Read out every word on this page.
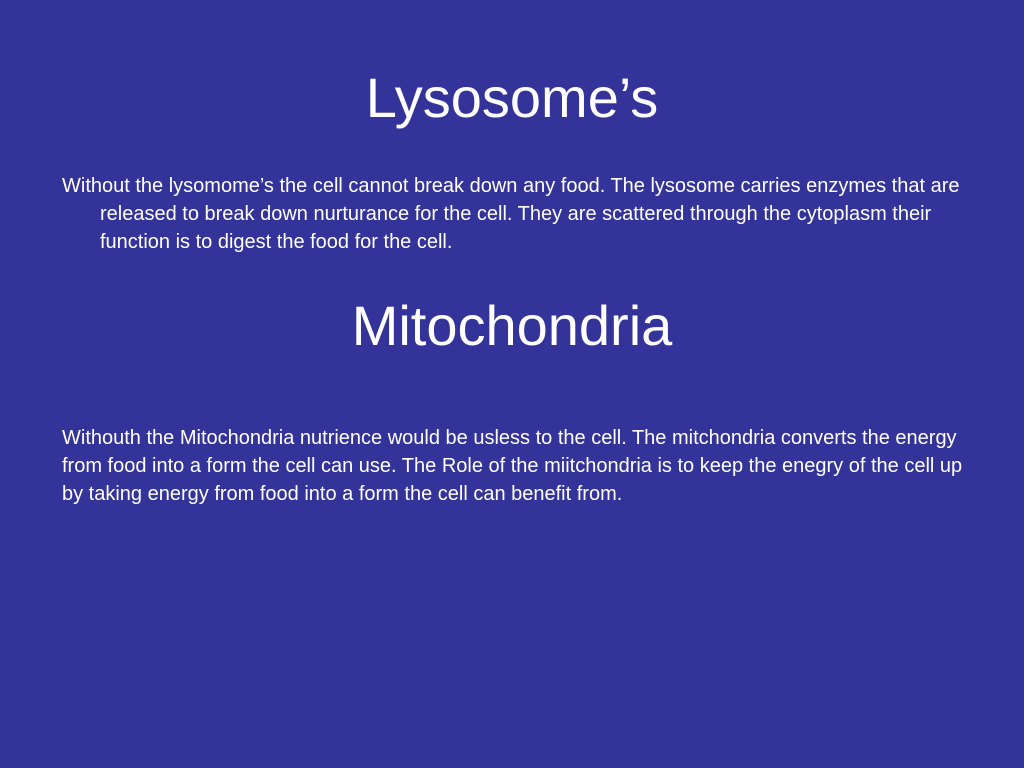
Lysosome’s

Without the lysomome’s the cell cannot break down any food. The lysosome carries enzymes that are released to break down nurturance for the cell. They are scattered through the cytoplasm their function is to digest the food for the cell.

Mitochondria

Withouth the Mitochondria nutrience would be usless to the cell. The mitchondria converts the energy from food into a form the cell can use. The Role of the miitchondria is to keep the enegry of the cell up by taking energy from food into a form the cell can benefit from.
